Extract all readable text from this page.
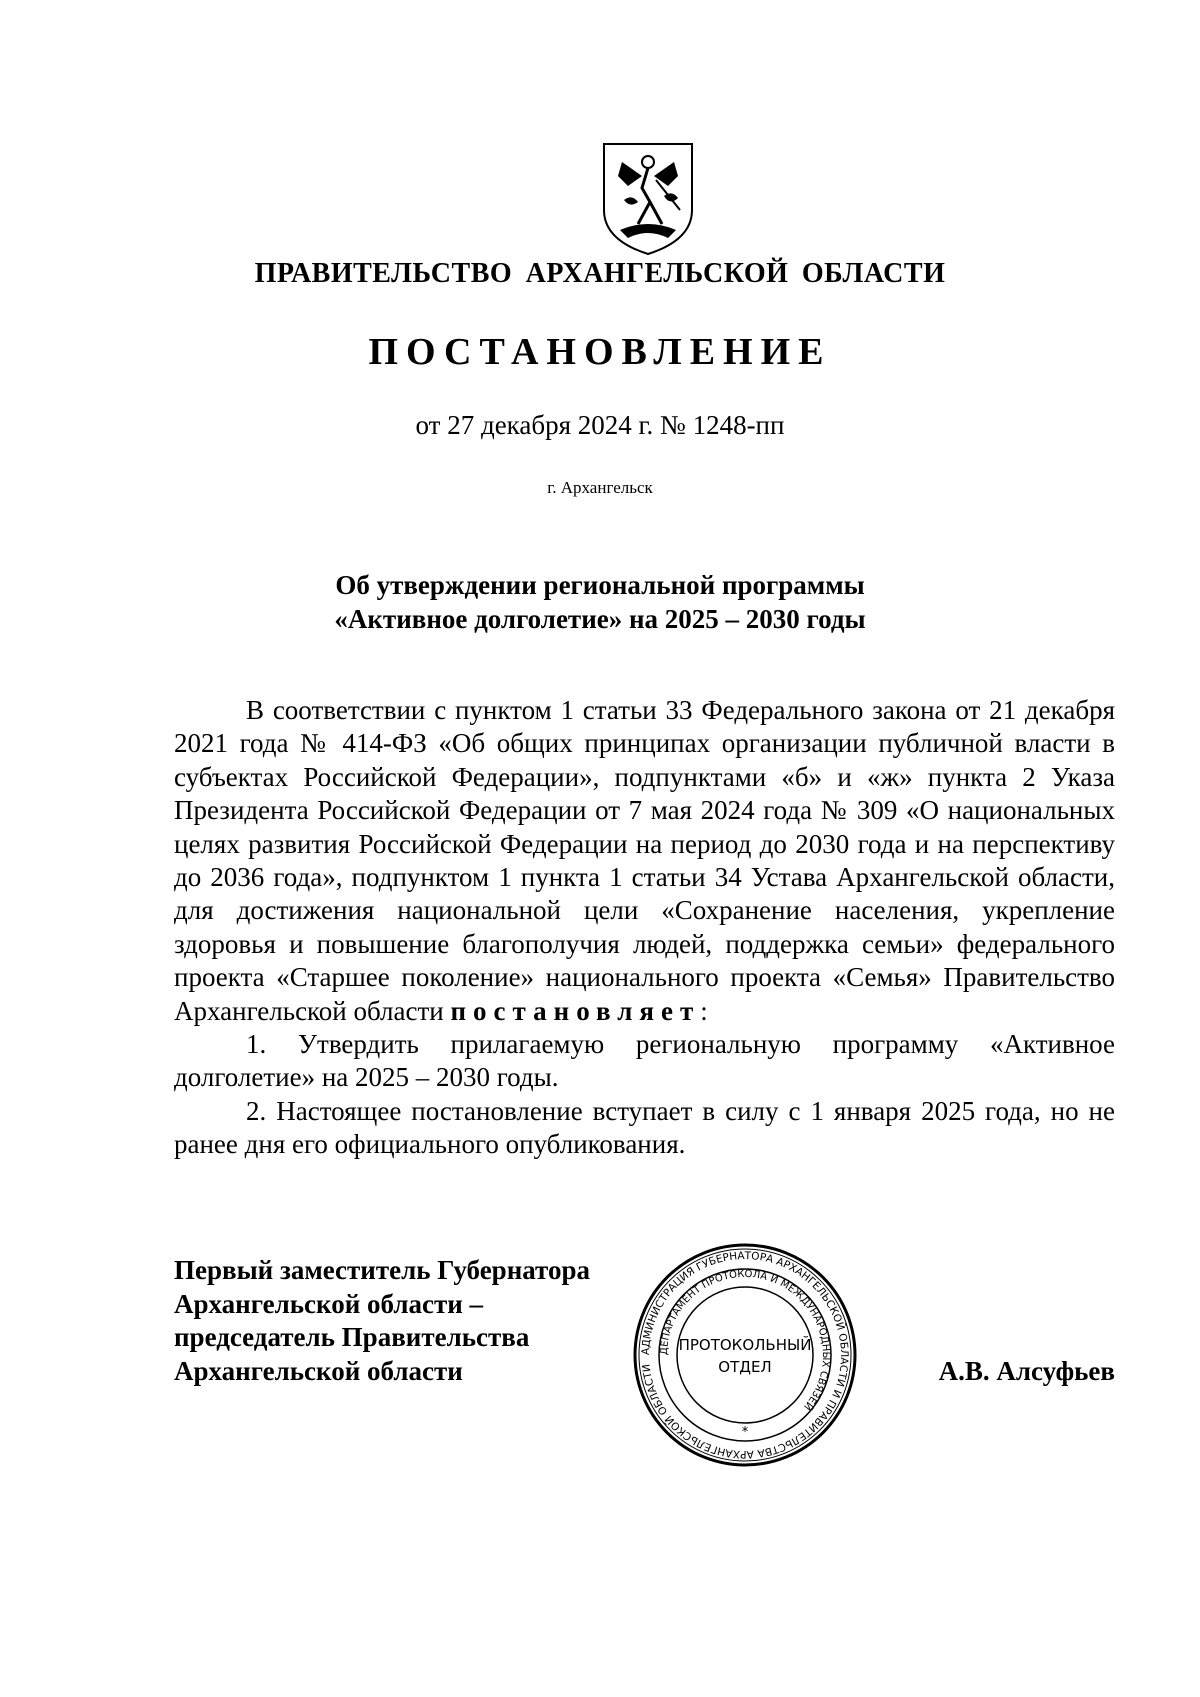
ПРАВИТЕЛЬСТВО АРХАНГЕЛЬСКОЙ ОБЛАСТИ
ПОСТАНОВЛЕНИЕ
от 27 декабря 2024 г. № 1248-пп
г. Архангельск
Об утверждении региональной программы
«Активное долголетие» на 2025 – 2030 годы

В соответствии с пунктом 1 статьи 33 Федерального закона от 21 декабря 2021 года № 414-ФЗ «Об общих принципах организации публичной власти в субъектах Российской Федерации», подпунктами «б» и «ж» пункта 2 Указа Президента Российской Федерации от 7 мая 2024 года № 309 «О национальных целях развития Российской Федерации на период до 2030 года и на перспективу до 2036 года», подпунктом 1 пункта 1 статьи 34 Устава Архангельской области, для достижения национальной цели «Сохранение населения, укрепление здоровья и повышение благополучия людей, поддержка семьи» федерального проекта «Старшее поколение» национального проекта «Семья» Правительство Архангельской области постановляет:

1. Утвердить прилагаемую региональную программу «Активное долголетие» на 2025 – 2030 годы.

2. Настоящее постановление вступает в силу с 1 января 2025 года, но не ранее дня его официального опубликования.

Первый заместитель Губернатора
Архангельской области –
председатель Правительства
Архангельской области
АДМИНИСТРАЦИЯ ГУБЕРНАТОРА АРХАНГЕЛЬСКОЙ ОБЛАСТИ И ПРАВИТЕЛЬСТВА АРХАНГЕЛЬСКОЙ ОБЛАСТИ
ДЕПАРТАМЕНТ ПРОТОКОЛА И МЕЖДУНАРОДНЫХ СВЯЗЕЙ
ПРОТОКОЛЬНЫЙ
ОТДЕЛ
*
А.В. Алсуфьев
